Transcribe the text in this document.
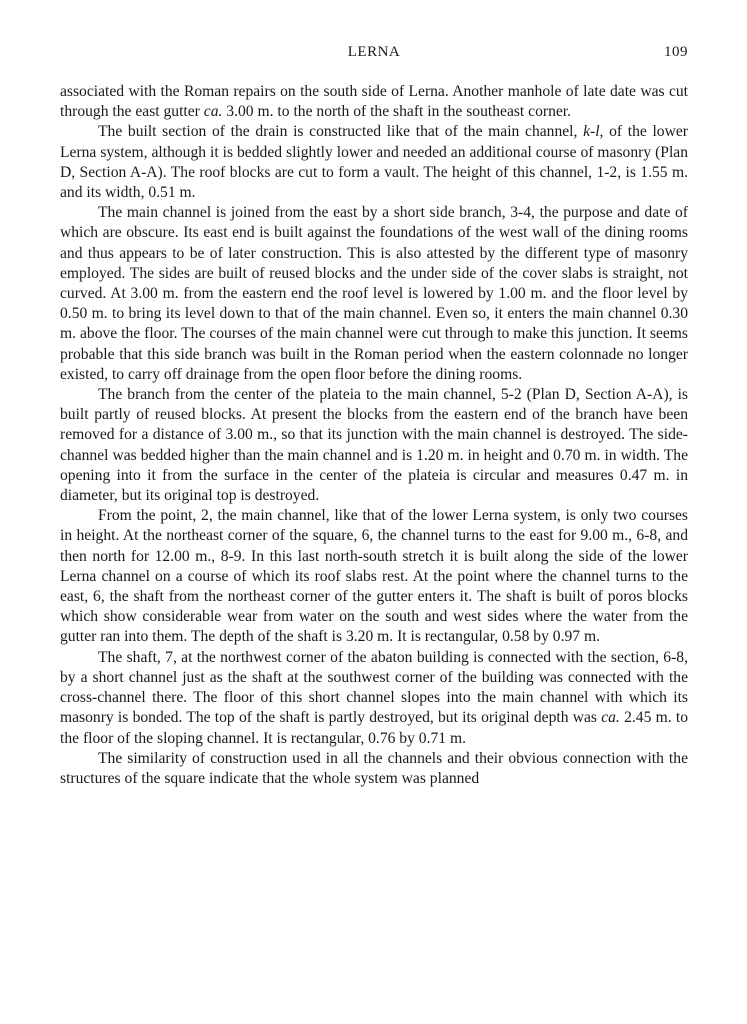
LERNA	109

associated with the Roman repairs on the south side of Lerna. Another manhole of late date was cut through the east gutter ca. 3.00 m. to the north of the shaft in the southeast corner.

The built section of the drain is constructed like that of the main channel, k-l, of the lower Lerna system, although it is bedded slightly lower and needed an additional course of masonry (Plan D, Section A-A). The roof blocks are cut to form a vault. The height of this channel, 1-2, is 1.55 m. and its width, 0.51 m.

The main channel is joined from the east by a short side branch, 3-4, the purpose and date of which are obscure. Its east end is built against the foundations of the west wall of the dining rooms and thus appears to be of later construction. This is also attested by the different type of masonry employed. The sides are built of reused blocks and the under side of the cover slabs is straight, not curved. At 3.00 m. from the eastern end the roof level is lowered by 1.00 m. and the floor level by 0.50 m. to bring its level down to that of the main channel. Even so, it enters the main channel 0.30 m. above the floor. The courses of the main channel were cut through to make this junction. It seems probable that this side branch was built in the Roman period when the eastern colonnade no longer existed, to carry off drainage from the open floor before the dining rooms.

The branch from the center of the plateia to the main channel, 5-2 (Plan D, Section A-A), is built partly of reused blocks. At present the blocks from the eastern end of the branch have been removed for a distance of 3.00 m., so that its junction with the main channel is destroyed. The side-channel was bedded higher than the main channel and is 1.20 m. in height and 0.70 m. in width. The opening into it from the surface in the center of the plateia is circular and measures 0.47 m. in diameter, but its original top is destroyed.

From the point, 2, the main channel, like that of the lower Lerna system, is only two courses in height. At the northeast corner of the square, 6, the channel turns to the east for 9.00 m., 6-8, and then north for 12.00 m., 8-9. In this last north-south stretch it is built along the side of the lower Lerna channel on a course of which its roof slabs rest. At the point where the channel turns to the east, 6, the shaft from the northeast corner of the gutter enters it. The shaft is built of poros blocks which show considerable wear from water on the south and west sides where the water from the gutter ran into them. The depth of the shaft is 3.20 m. It is rectangular, 0.58 by 0.97 m.

The shaft, 7, at the northwest corner of the abaton building is connected with the section, 6-8, by a short channel just as the shaft at the southwest corner of the building was connected with the cross-channel there. The floor of this short channel slopes into the main channel with which its masonry is bonded. The top of the shaft is partly destroyed, but its original depth was ca. 2.45 m. to the floor of the sloping channel. It is rectangular, 0.76 by 0.71 m.

The similarity of construction used in all the channels and their obvious connection with the structures of the square indicate that the whole system was planned
